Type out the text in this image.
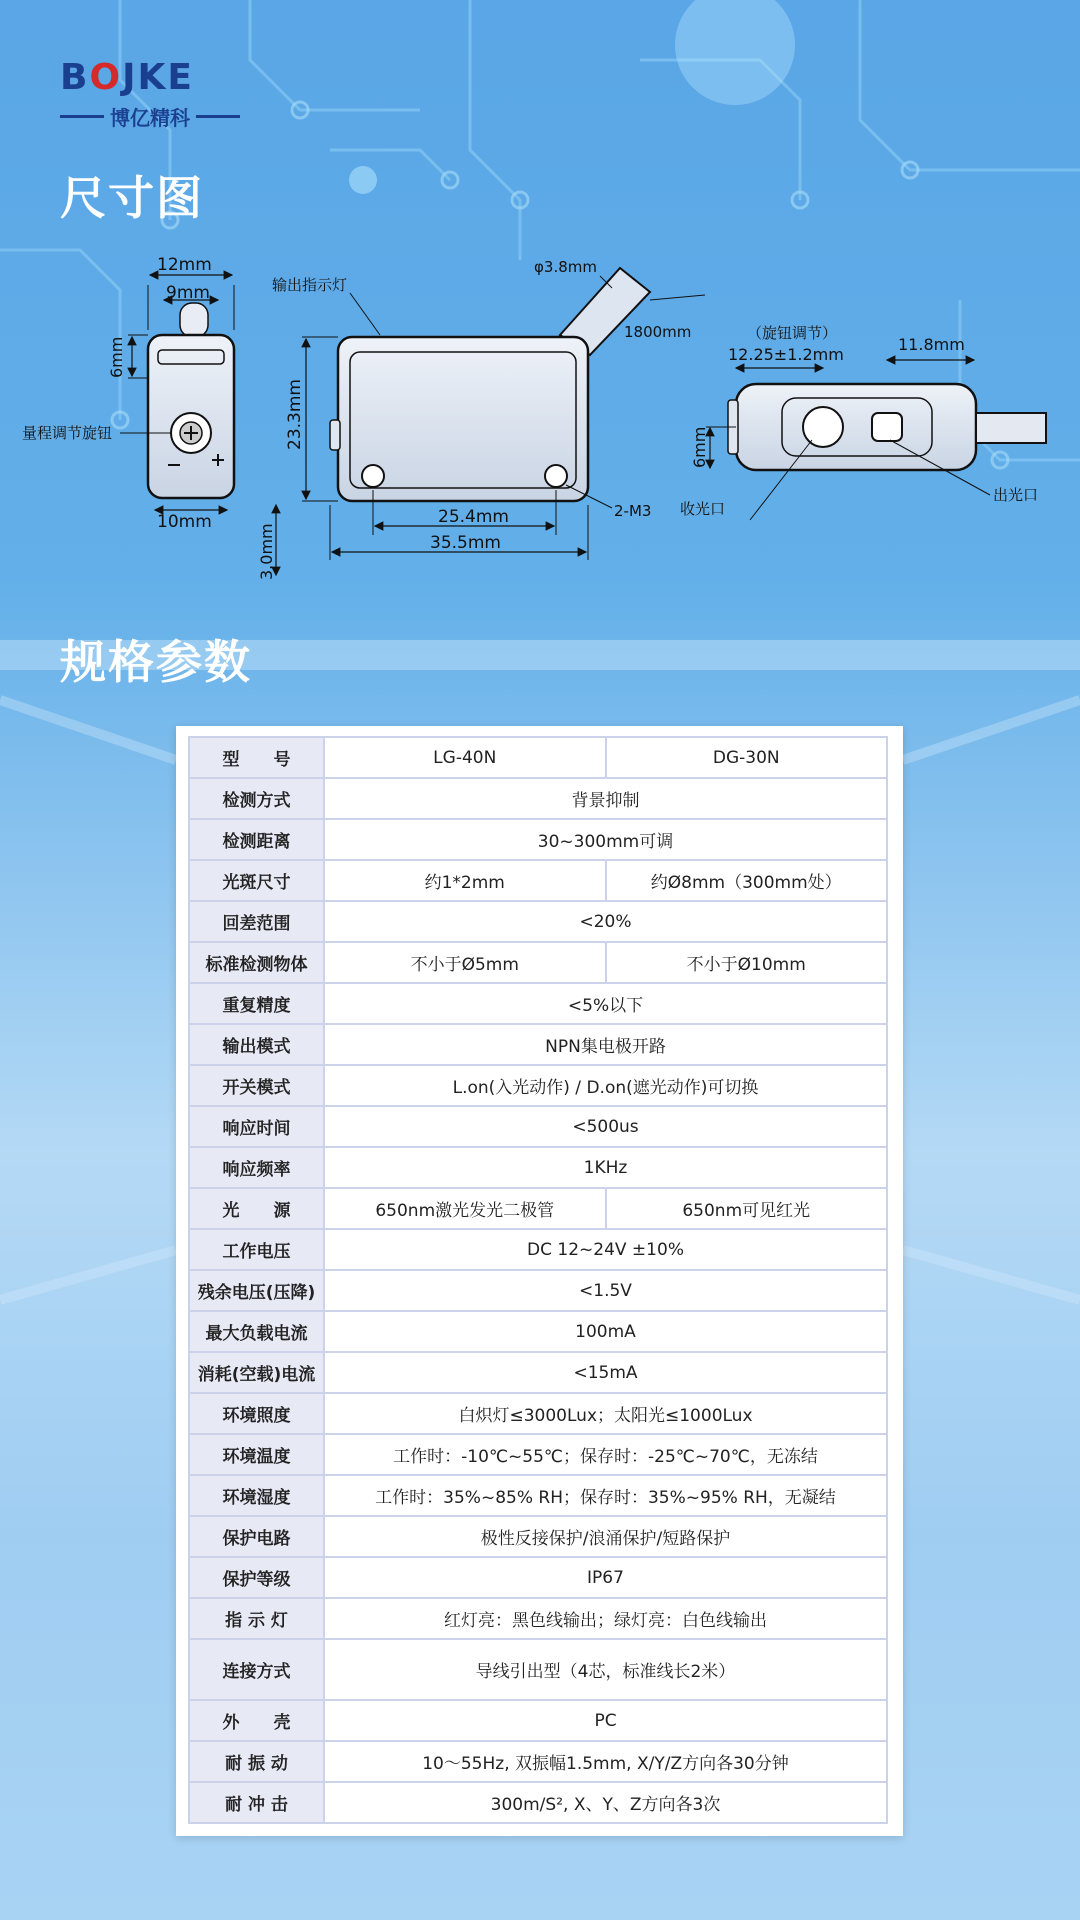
BOJKE
博亿精科
尺寸图
12mm
9mm
6mm
10mm
量程调节旋钮
3.0mm
输出指示灯
φ3.8mm
1800mm
23.3mm
25.4mm
35.5mm
2-M3
（旋钮调节）
12.25±1.2mm
11.8mm
6mm
收光口
出光口
规格参数
型　　号	LG-40N	DG-30N
检测方式	背景抑制	
检测距离	30~300mm可调	
光斑尺寸	约1*2mm	约Ø8mm（300mm处）
回差范围	<20%	
标准检测物体	不小于Ø5mm	不小于Ø10mm
重复精度	<5%以下	
输出模式	NPN集电极开路	
开关模式	L.on(入光动作) / D.on(遮光动作)可切换	
响应时间	<500us	
响应频率	1KHz	
光　　源	650nm激光发光二极管	650nm可见红光
工作电压	DC 12~24V ±10%	
残余电压(压降)	<1.5V	
最大负载电流	100mA	
消耗(空载)电流	<15mA	
环境照度	白炽灯≤3000Lux；太阳光≤1000Lux	
环境温度	工作时：-10℃~55℃；保存时：-25℃~70℃，无冻结	
环境湿度	工作时：35%~85% RH；保存时：35%~95% RH，无凝结	
保护电路	极性反接保护/浪涌保护/短路保护	
保护等级	IP67	
指 示 灯	红灯亮：黑色线输出；绿灯亮：白色线输出	
连接方式	导线引出型（4芯，标准线长2米）	
外　　壳	PC	
耐 振 动	10～55Hz, 双振幅1.5mm, X/Y/Z方向各30分钟	
耐 冲 击	300m/S², X、Y、Z方向各3次	
